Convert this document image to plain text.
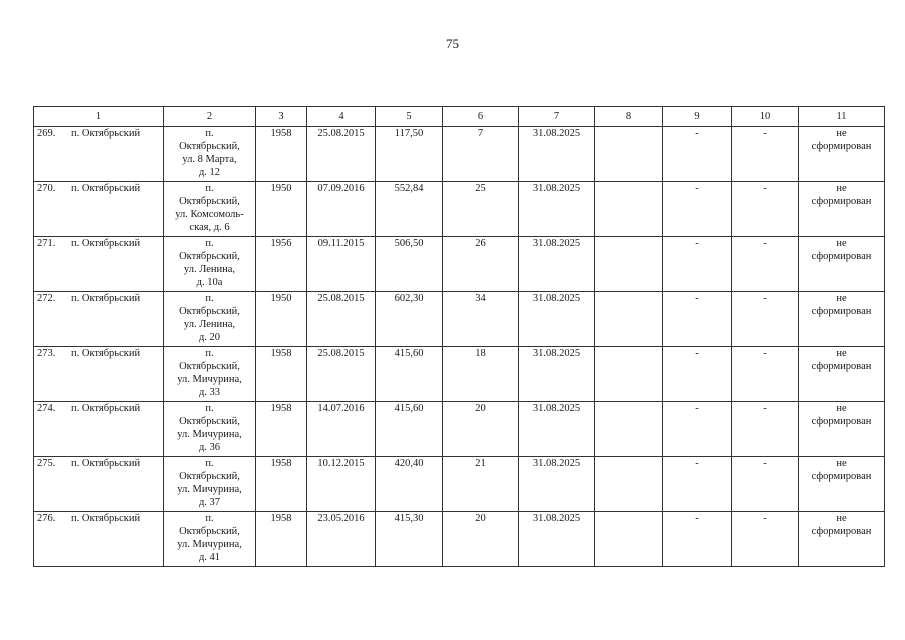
75
1	2	3	4	5	6	7	8	9	10	11
269. п. Октябрьский	п.
Октябрьский,
ул. 8 Марта,
д. 12	1958	25.08.2015	117,50	7	31.08.2025		-	-	не
сформирован

270. п. Октябрьский	п.
Октябрьский,
ул. Комсомоль-
ская, д. 6	1950	07.09.2016	552,84	25	31.08.2025		-	-	не
сформирован

271. п. Октябрьский	п.
Октябрьский,
ул. Ленина,
д. 10а	1956	09.11.2015	506,50	26	31.08.2025		-	-	не
сформирован

272. п. Октябрьский	п.
Октябрьский,
ул. Ленина,
д. 20	1950	25.08.2015	602,30	34	31.08.2025		-	-	не
сформирован

273. п. Октябрьский	п.
Октябрьский,
ул. Мичурина,
д. 33	1958	25.08.2015	415,60	18	31.08.2025		-	-	не
сформирован

274. п. Октябрьский	п.
Октябрьский,
ул. Мичурина,
д. 36	1958	14.07.2016	415,60	20	31.08.2025		-	-	не
сформирован

275. п. Октябрьский	п.
Октябрьский,
ул. Мичурина,
д. 37	1958	10.12.2015	420,40	21	31.08.2025		-	-	не
сформирован

276. п. Октябрьский	п.
Октябрьский,
ул. Мичурина,
д. 41	1958	23.05.2016	415,30	20	31.08.2025		-	-	не
сформирован
